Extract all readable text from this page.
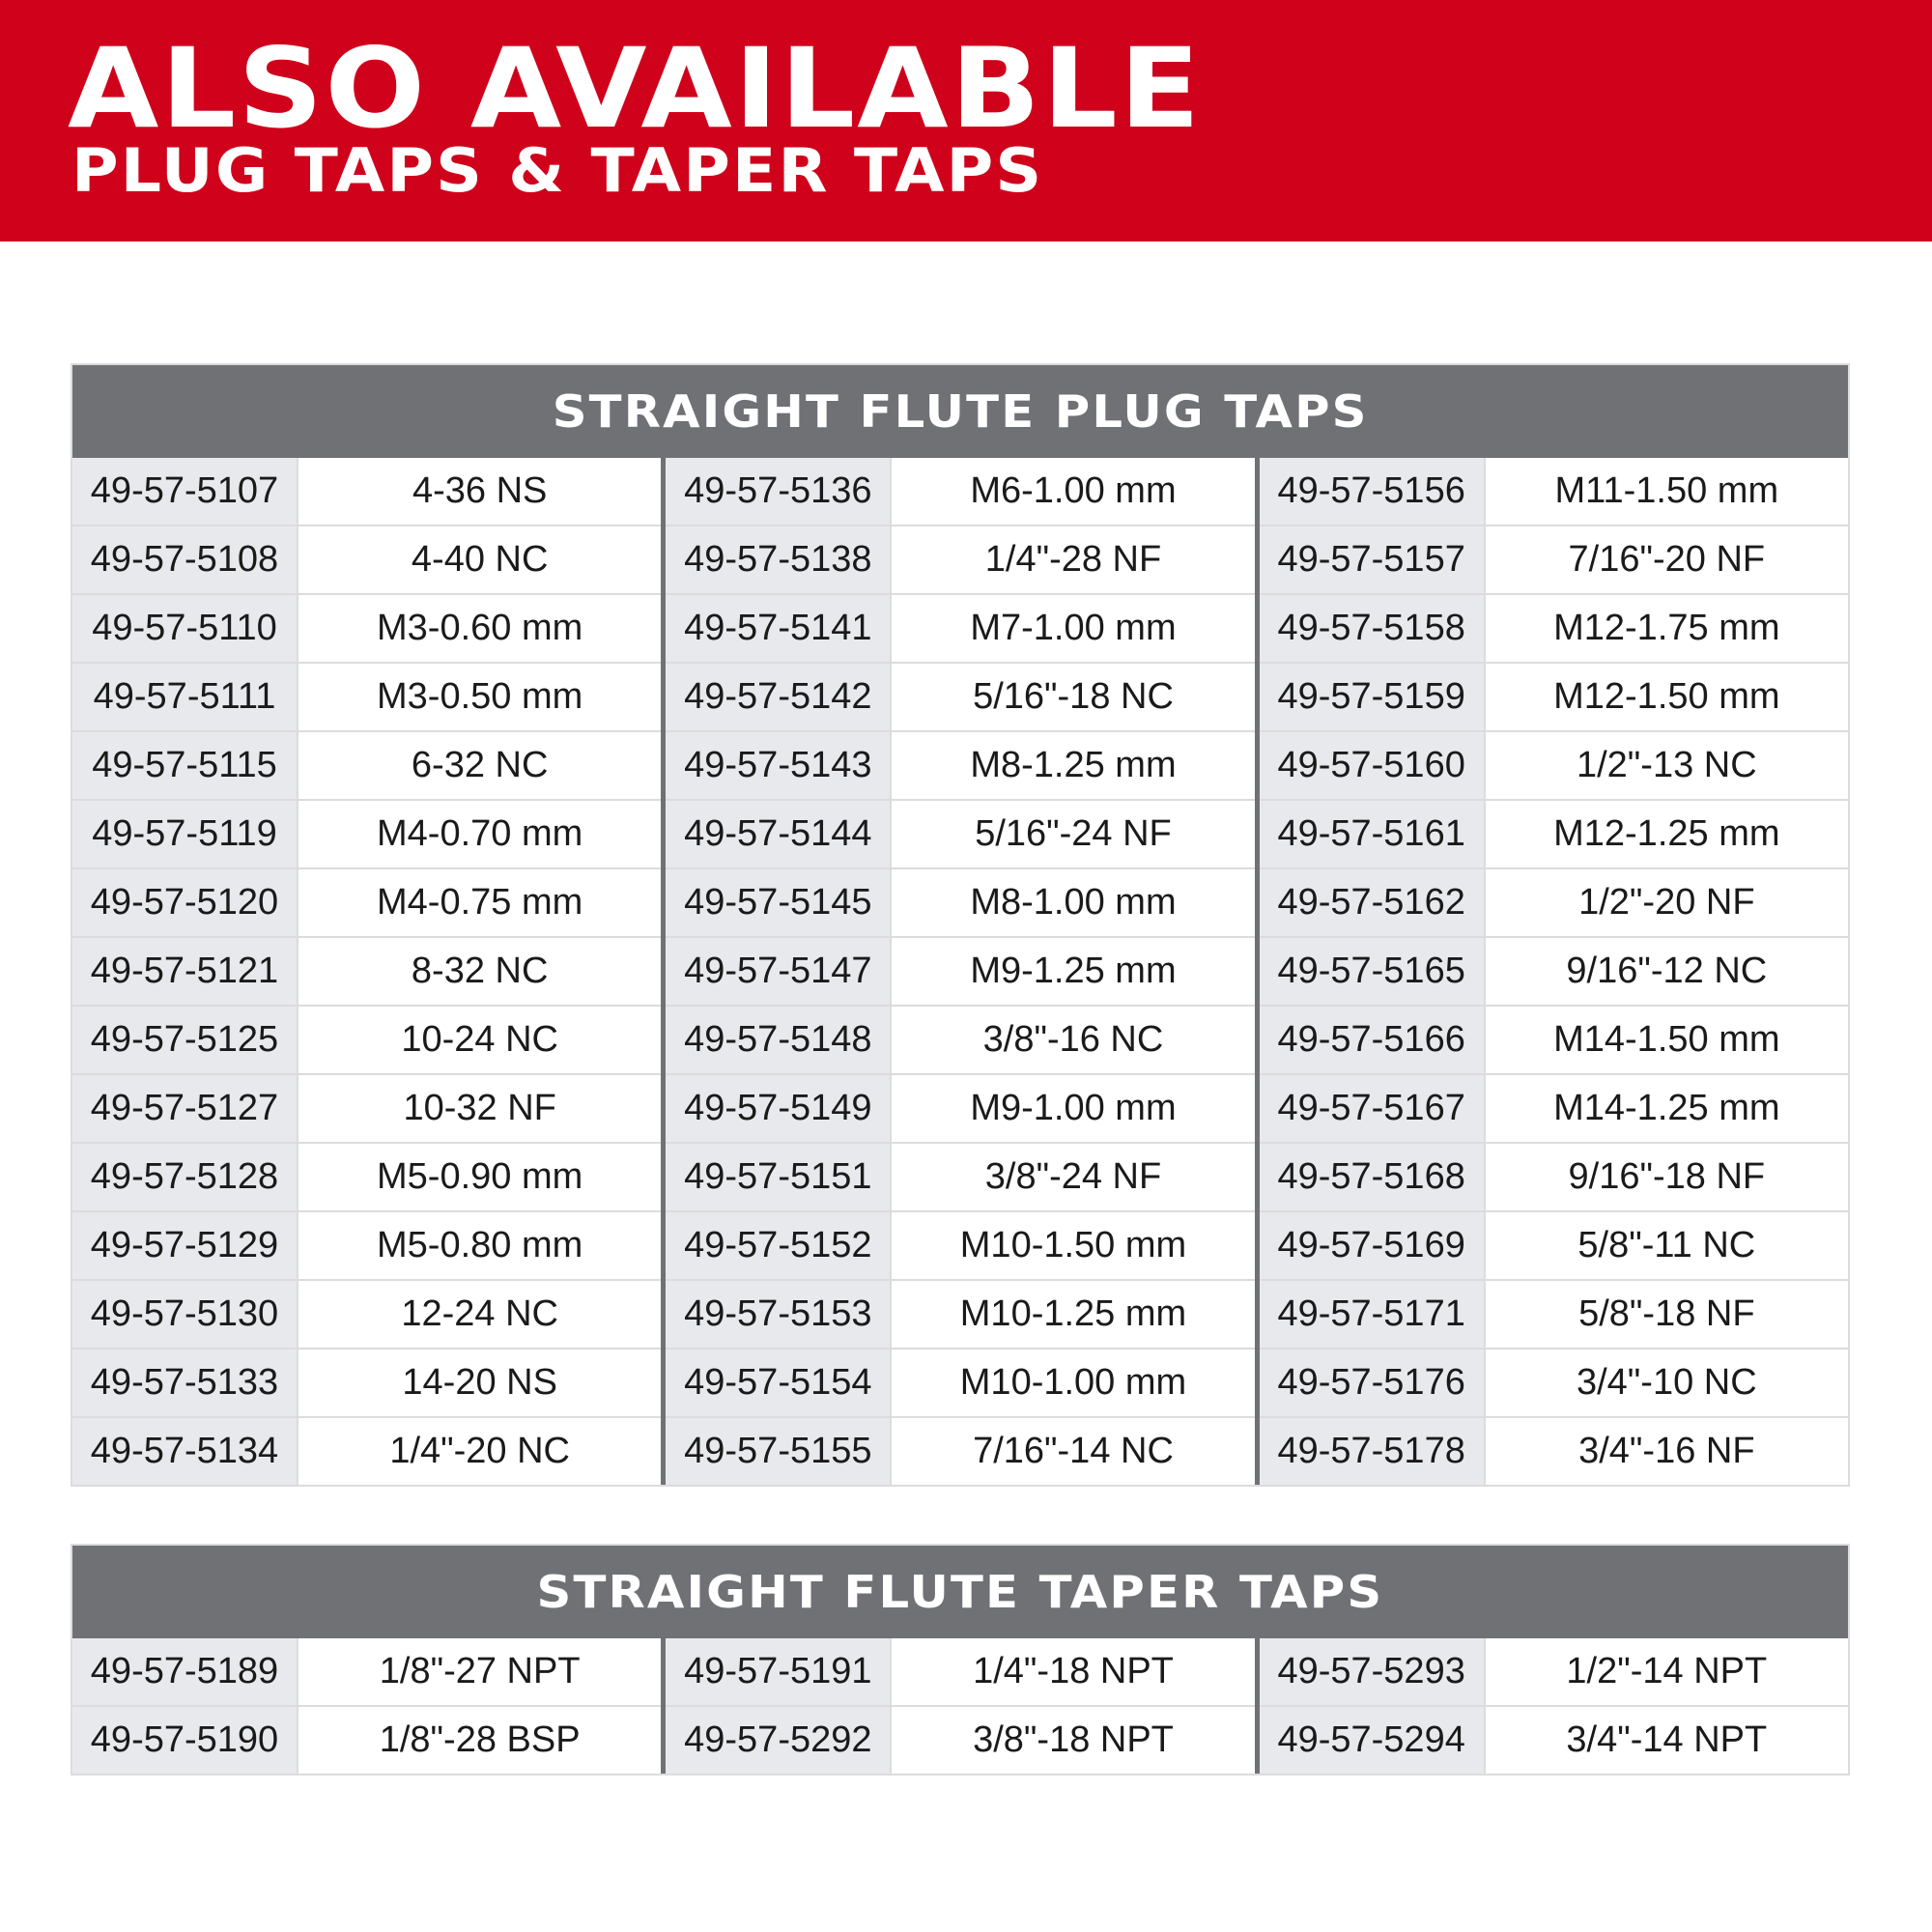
ALSO AVAILABLE
PLUG TAPS & TAPER TAPS
STRAIGHT FLUTE PLUG TAPS
49-57-5107	4-36 NS
49-57-5108	4-40 NC
49-57-5110	M3-0.60 mm
49-57-5111	M3-0.50 mm
49-57-5115	6-32 NC
49-57-5119	M4-0.70 mm
49-57-5120	M4-0.75 mm
49-57-5121	8-32 NC
49-57-5125	10-24 NC
49-57-5127	10-32 NF
49-57-5128	M5-0.90 mm
49-57-5129	M5-0.80 mm
49-57-5130	12-24 NC
49-57-5133	14-20 NS
49-57-5134	1/4"-20 NC
49-57-5136	M6-1.00 mm
49-57-5138	1/4"-28 NF
49-57-5141	M7-1.00 mm
49-57-5142	5/16"-18 NC
49-57-5143	M8-1.25 mm
49-57-5144	5/16"-24 NF
49-57-5145	M8-1.00 mm
49-57-5147	M9-1.25 mm
49-57-5148	3/8"-16 NC
49-57-5149	M9-1.00 mm
49-57-5151	3/8"-24 NF
49-57-5152	M10-1.50 mm
49-57-5153	M10-1.25 mm
49-57-5154	M10-1.00 mm
49-57-5155	7/16"-14 NC
49-57-5156	M11-1.50 mm
49-57-5157	7/16"-20 NF
49-57-5158	M12-1.75 mm
49-57-5159	M12-1.50 mm
49-57-5160	1/2"-13 NC
49-57-5161	M12-1.25 mm
49-57-5162	1/2"-20 NF
49-57-5165	9/16"-12 NC
49-57-5166	M14-1.50 mm
49-57-5167	M14-1.25 mm
49-57-5168	9/16"-18 NF
49-57-5169	5/8"-11 NC
49-57-5171	5/8"-18 NF
49-57-5176	3/4"-10 NC
49-57-5178	3/4"-16 NF
STRAIGHT FLUTE TAPER TAPS
49-57-5189	1/8"-27 NPT
49-57-5190	1/8"-28 BSP
49-57-5191	1/4"-18 NPT
49-57-5292	3/8"-18 NPT
49-57-5293	1/2"-14 NPT
49-57-5294	3/4"-14 NPT
